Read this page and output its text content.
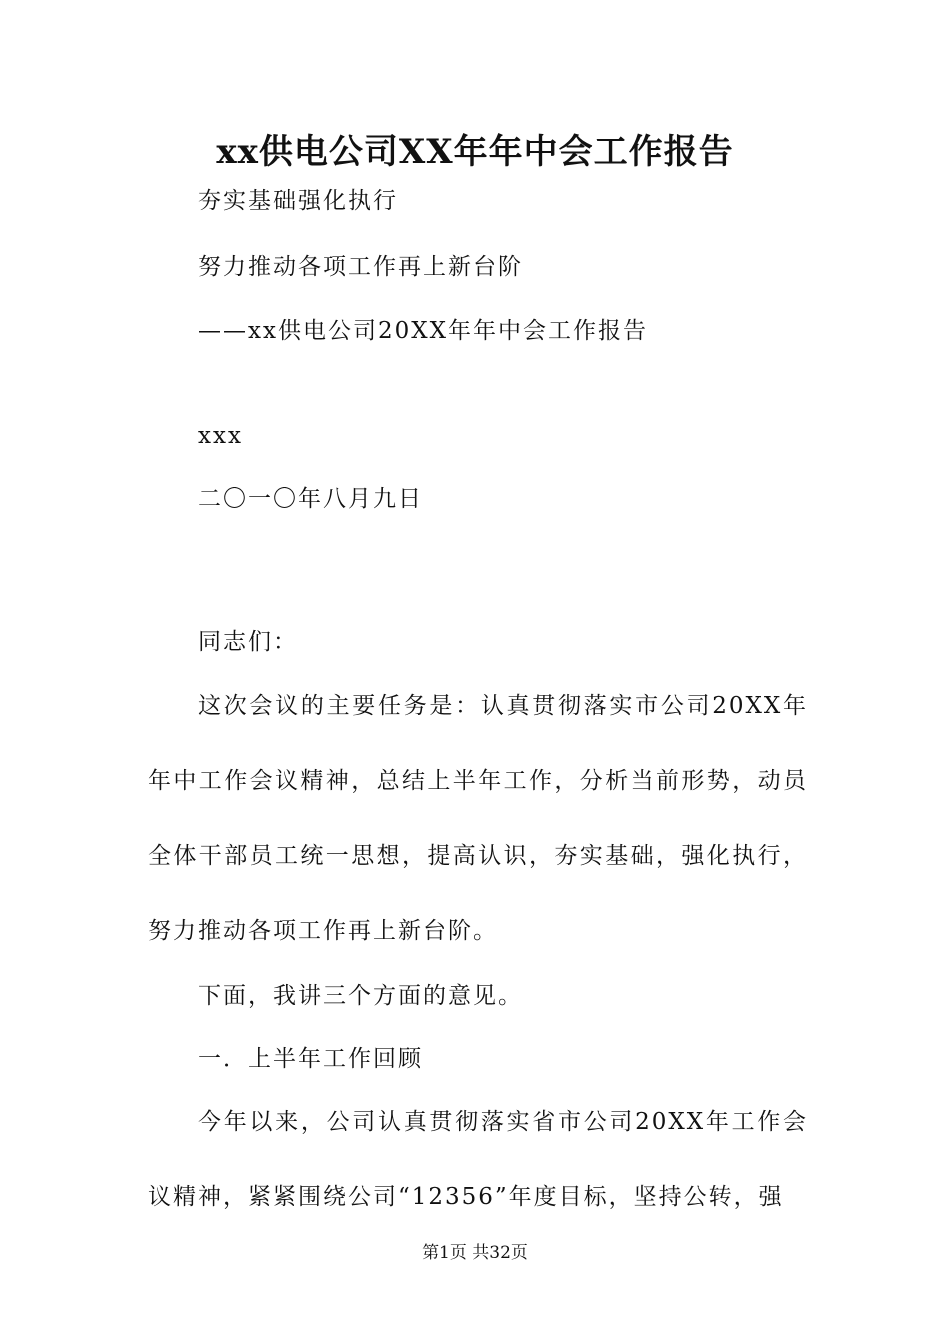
xx供电公司XX年年中会工作报告
夯实基础强化执行
努力推动各项工作再上新台阶
——xx供电公司20XX年年中会工作报告
xxx
二〇一〇年八月九日
同志们：
这次会议的主要任务是：认真贯彻落实市公司20XX年年中工作会议精神，总结上半年工作，分析当前形势，动员全体干部员工统一思想，提高认识，夯实基础，强化执行，努力推动各项工作再上新台阶。
下面，我讲三个方面的意见。
一．上半年工作回顾
今年以来，公司认真贯彻落实省市公司20XX年工作会议精神，紧紧围绕公司“12356”年度目标，坚持公转，强
第1页 共32页
